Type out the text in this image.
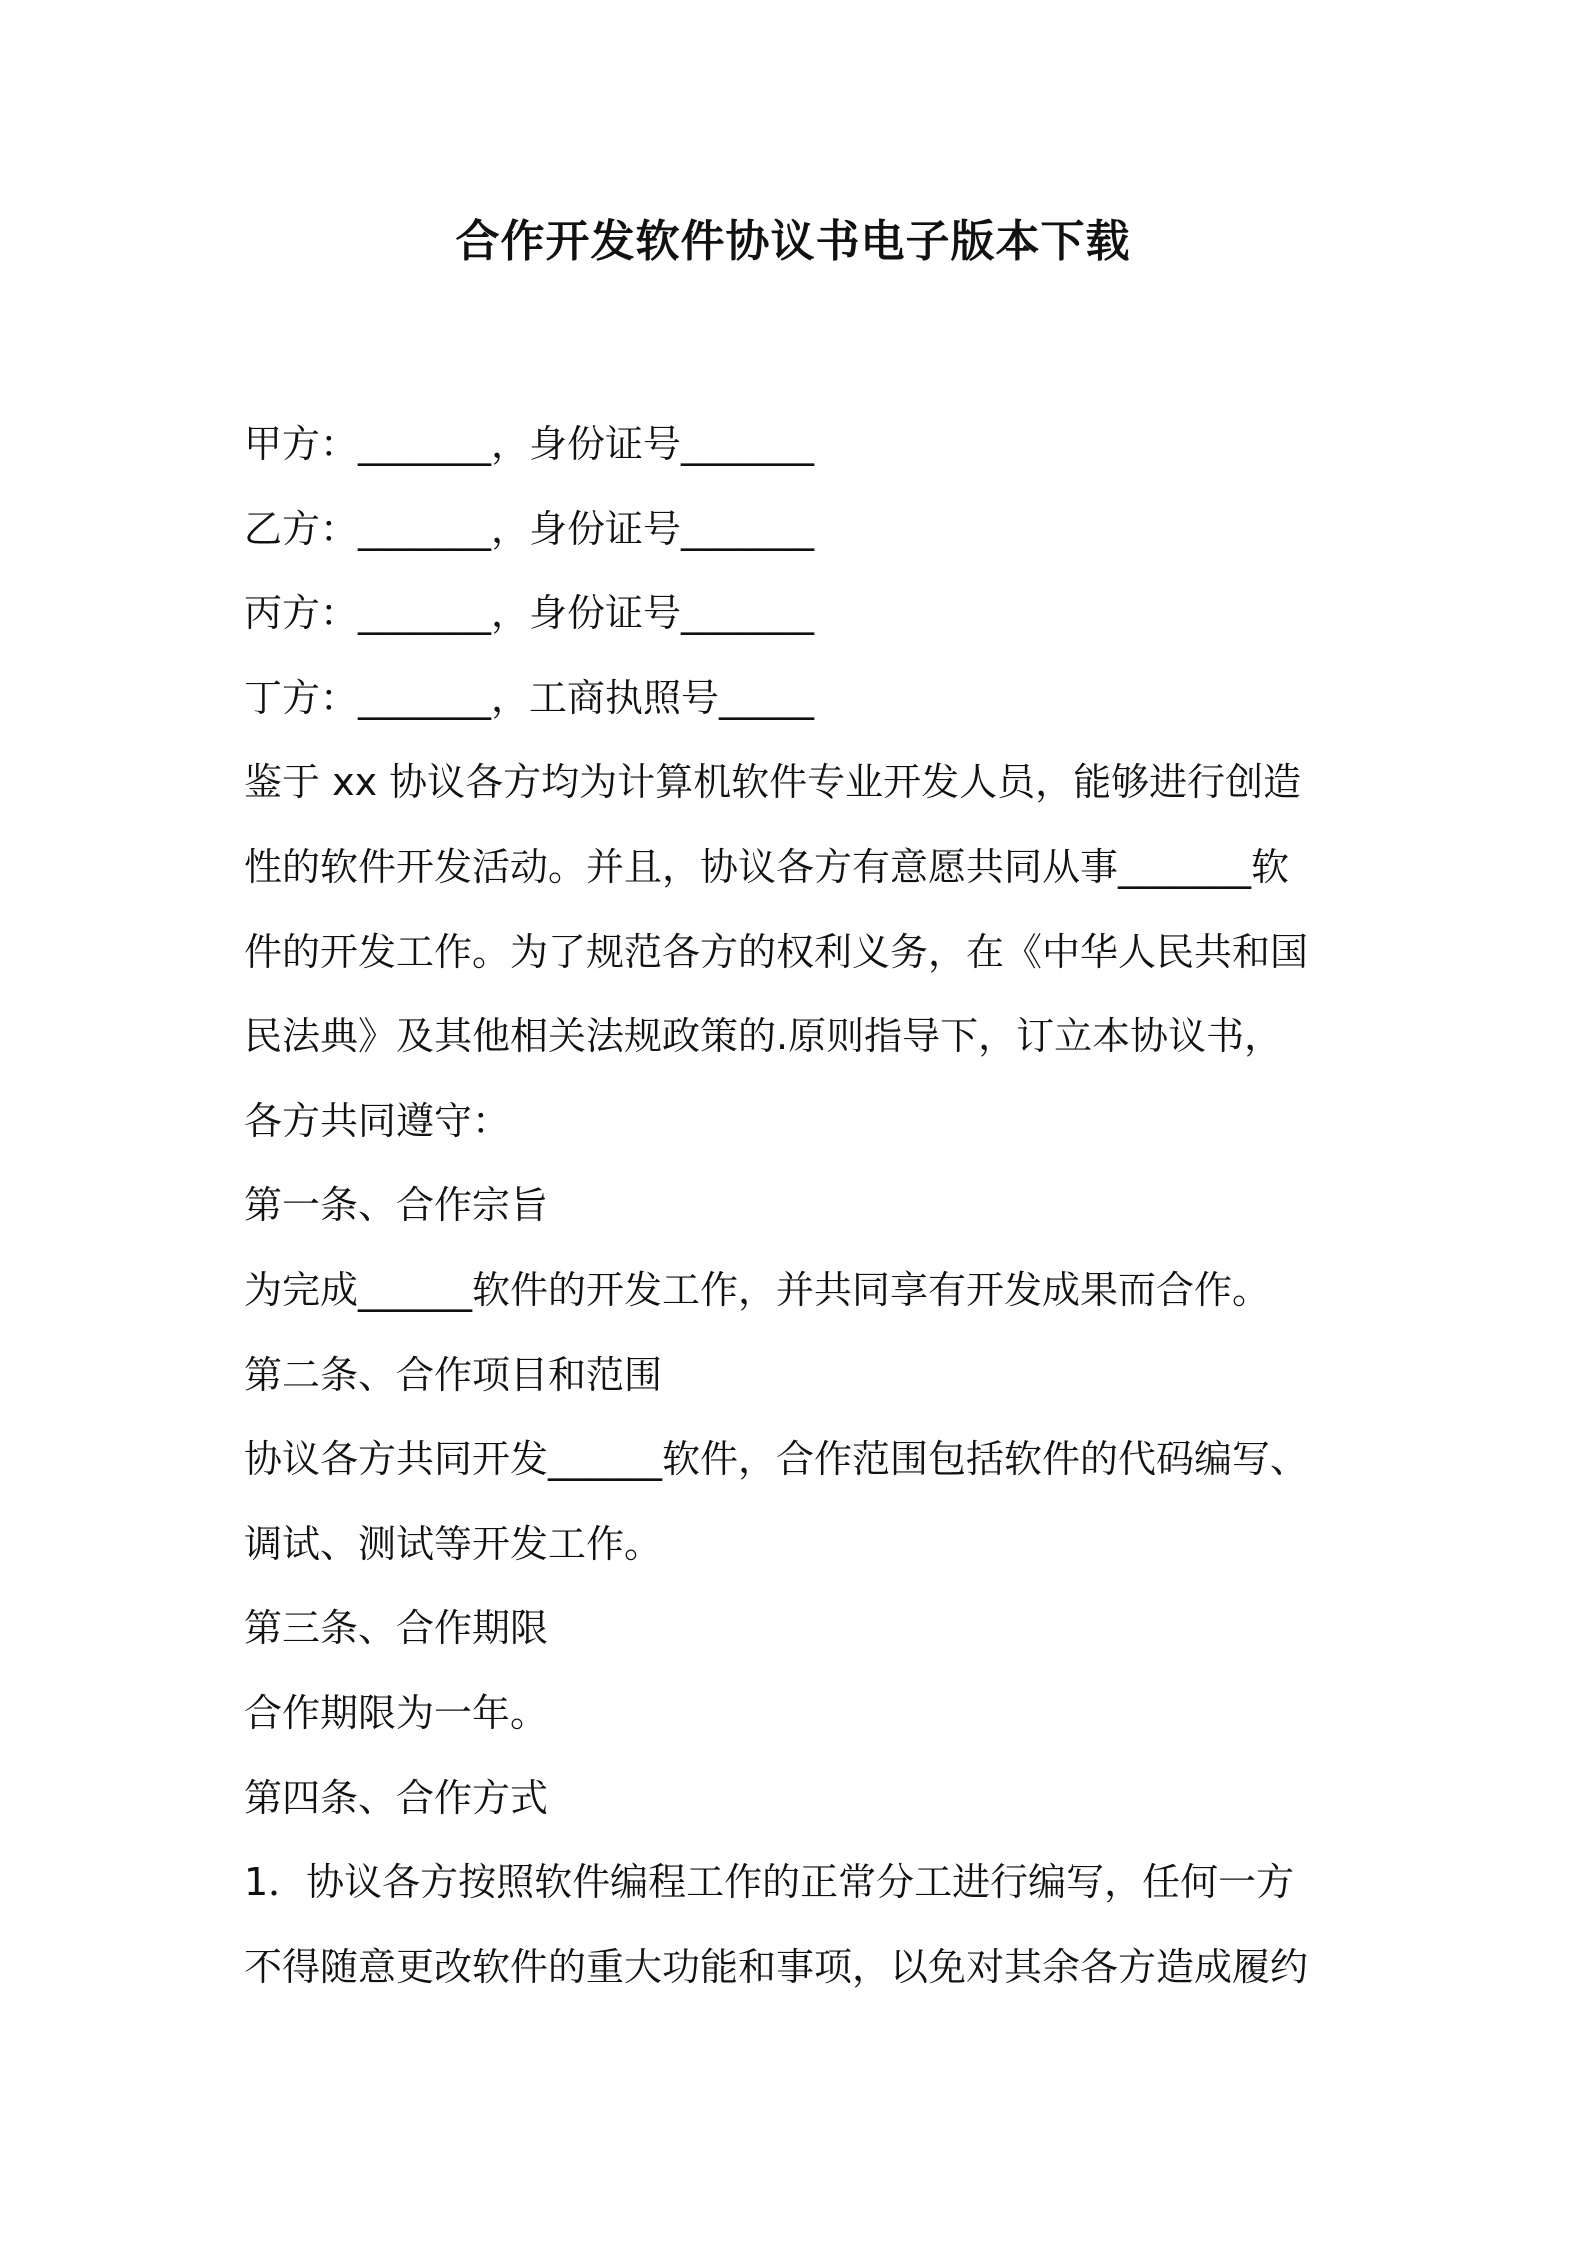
合作开发软件协议书电子版本下载

甲方：_______，身份证号_______

乙方：_______，身份证号_______

丙方：_______，身份证号_______

丁方：_______，工商执照号_____

鉴于 xx 协议各方均为计算机软件专业开发人员，能够进行创造

性的软件开发活动。并且，协议各方有意愿共同从事_______软

件的开发工作。为了规范各方的权利义务，在《中华人民共和国

民法典》及其他相关法规政策的.原则指导下，订立本协议书，

各方共同遵守：

第一条、合作宗旨

为完成______软件的开发工作，并共同享有开发成果而合作。

第二条、合作项目和范围

协议各方共同开发______软件，合作范围包括软件的代码编写、

调试、测试等开发工作。

第三条、合作期限

合作期限为一年。

第四条、合作方式

1．协议各方按照软件编程工作的正常分工进行编写，任何一方

不得随意更改软件的重大功能和事项，以免对其余各方造成履约
